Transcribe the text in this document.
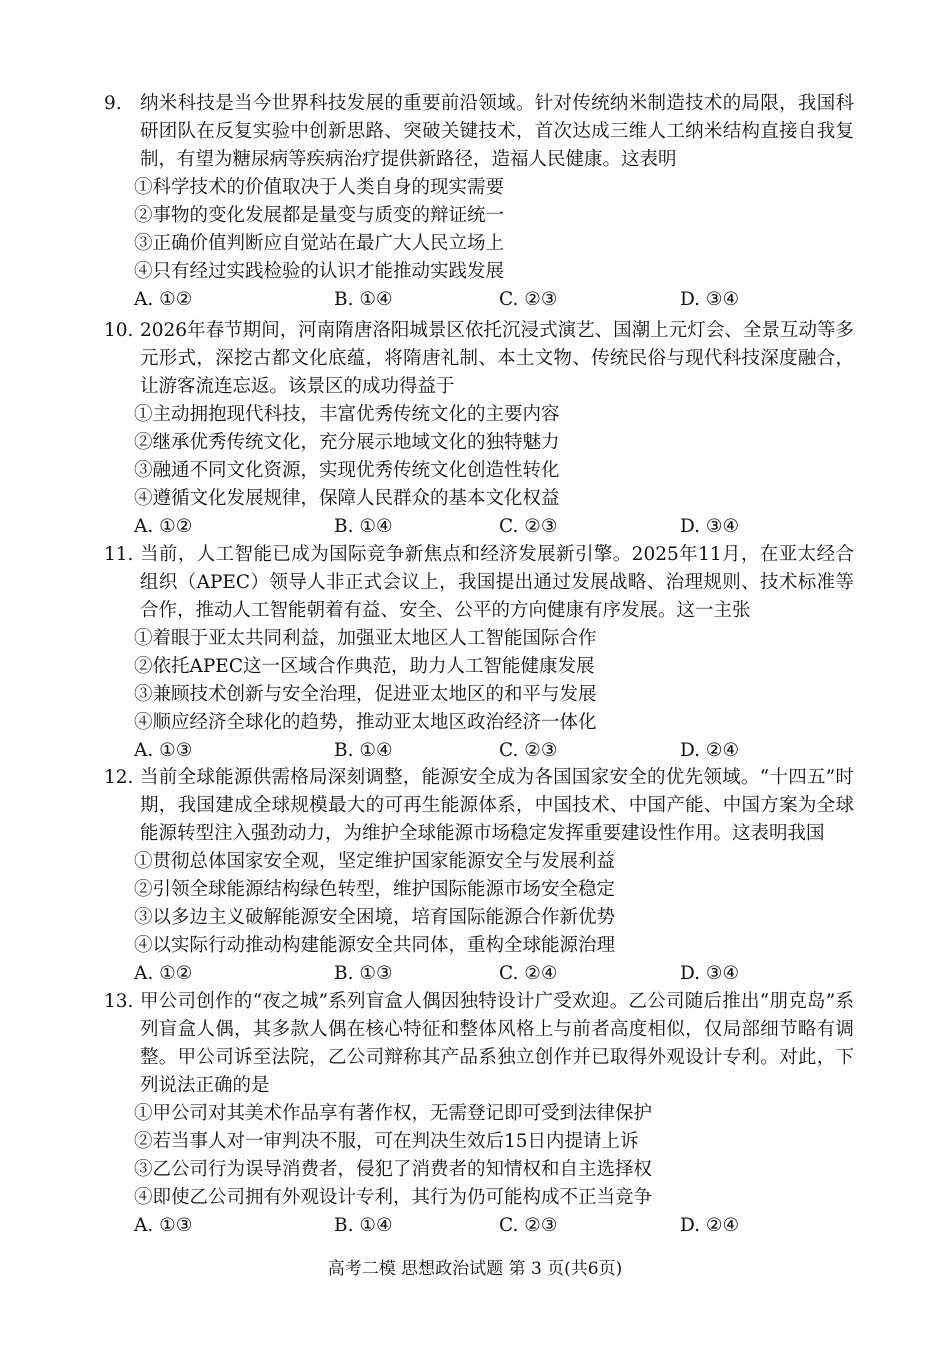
9. 纳米科技是当今世界科技发展的重要前沿领域。针对传统纳米制造技术的局限，我国科研团队在反复实验中创新思路、突破关键技术，首次达成三维人工纳米结构直接自我复制，有望为糖尿病等疾病治疗提供新路径，造福人民健康。这表明
①科学技术的价值取决于人类自身的现实需要
②事物的变化发展都是量变与质变的辩证统一
③正确价值判断应自觉站在最广大人民立场上
④只有经过实践检验的认识才能推动实践发展
A. ①②	B. ①④	C. ②③	D. ③④
10. 2026年春节期间，河南隋唐洛阳城景区依托沉浸式演艺、国潮上元灯会、全景互动等多元形式，深挖古都文化底蕴，将隋唐礼制、本土文物、传统民俗与现代科技深度融合，让游客流连忘返。该景区的成功得益于
①主动拥抱现代科技，丰富优秀传统文化的主要内容
②继承优秀传统文化，充分展示地域文化的独特魅力
③融通不同文化资源，实现优秀传统文化创造性转化
④遵循文化发展规律，保障人民群众的基本文化权益
A. ①②	B. ①④	C. ②③	D. ③④
11. 当前，人工智能已成为国际竞争新焦点和经济发展新引擎。2025年11月，在亚太经合组织（APEC）领导人非正式会议上，我国提出通过发展战略、治理规则、技术标准等合作，推动人工智能朝着有益、安全、公平的方向健康有序发展。这一主张
①着眼于亚太共同利益，加强亚太地区人工智能国际合作
②依托APEC这一区域合作典范，助力人工智能健康发展
③兼顾技术创新与安全治理，促进亚太地区的和平与发展
④顺应经济全球化的趋势，推动亚太地区政治经济一体化
A. ①③	B. ①④	C. ②③	D. ②④
12. 当前全球能源供需格局深刻调整，能源安全成为各国国家安全的优先领域。“十四五”时期，我国建成全球规模最大的可再生能源体系，中国技术、中国产能、中国方案为全球能源转型注入强劲动力，为维护全球能源市场稳定发挥重要建设性作用。这表明我国
①贯彻总体国家安全观，坚定维护国家能源安全与发展利益
②引领全球能源结构绿色转型，维护国际能源市场安全稳定
③以多边主义破解能源安全困境，培育国际能源合作新优势
④以实际行动推动构建能源安全共同体，重构全球能源治理
A. ①②	B. ①③	C. ②④	D. ③④
13. 甲公司创作的“夜之城”系列盲盒人偶因独特设计广受欢迎。乙公司随后推出“朋克岛”系列盲盒人偶，其多款人偶在核心特征和整体风格上与前者高度相似，仅局部细节略有调整。甲公司诉至法院，乙公司辩称其产品系独立创作并已取得外观设计专利。对此，下列说法正确的是
①甲公司对其美术作品享有著作权，无需登记即可受到法律保护
②若当事人对一审判决不服，可在判决生效后15日内提请上诉
③乙公司行为误导消费者，侵犯了消费者的知情权和自主选择权
④即使乙公司拥有外观设计专利，其行为仍可能构成不正当竞争
A. ①③	B. ①④	C. ②③	D. ②④
高考二模 思想政治试题 第 3 页(共6页)
